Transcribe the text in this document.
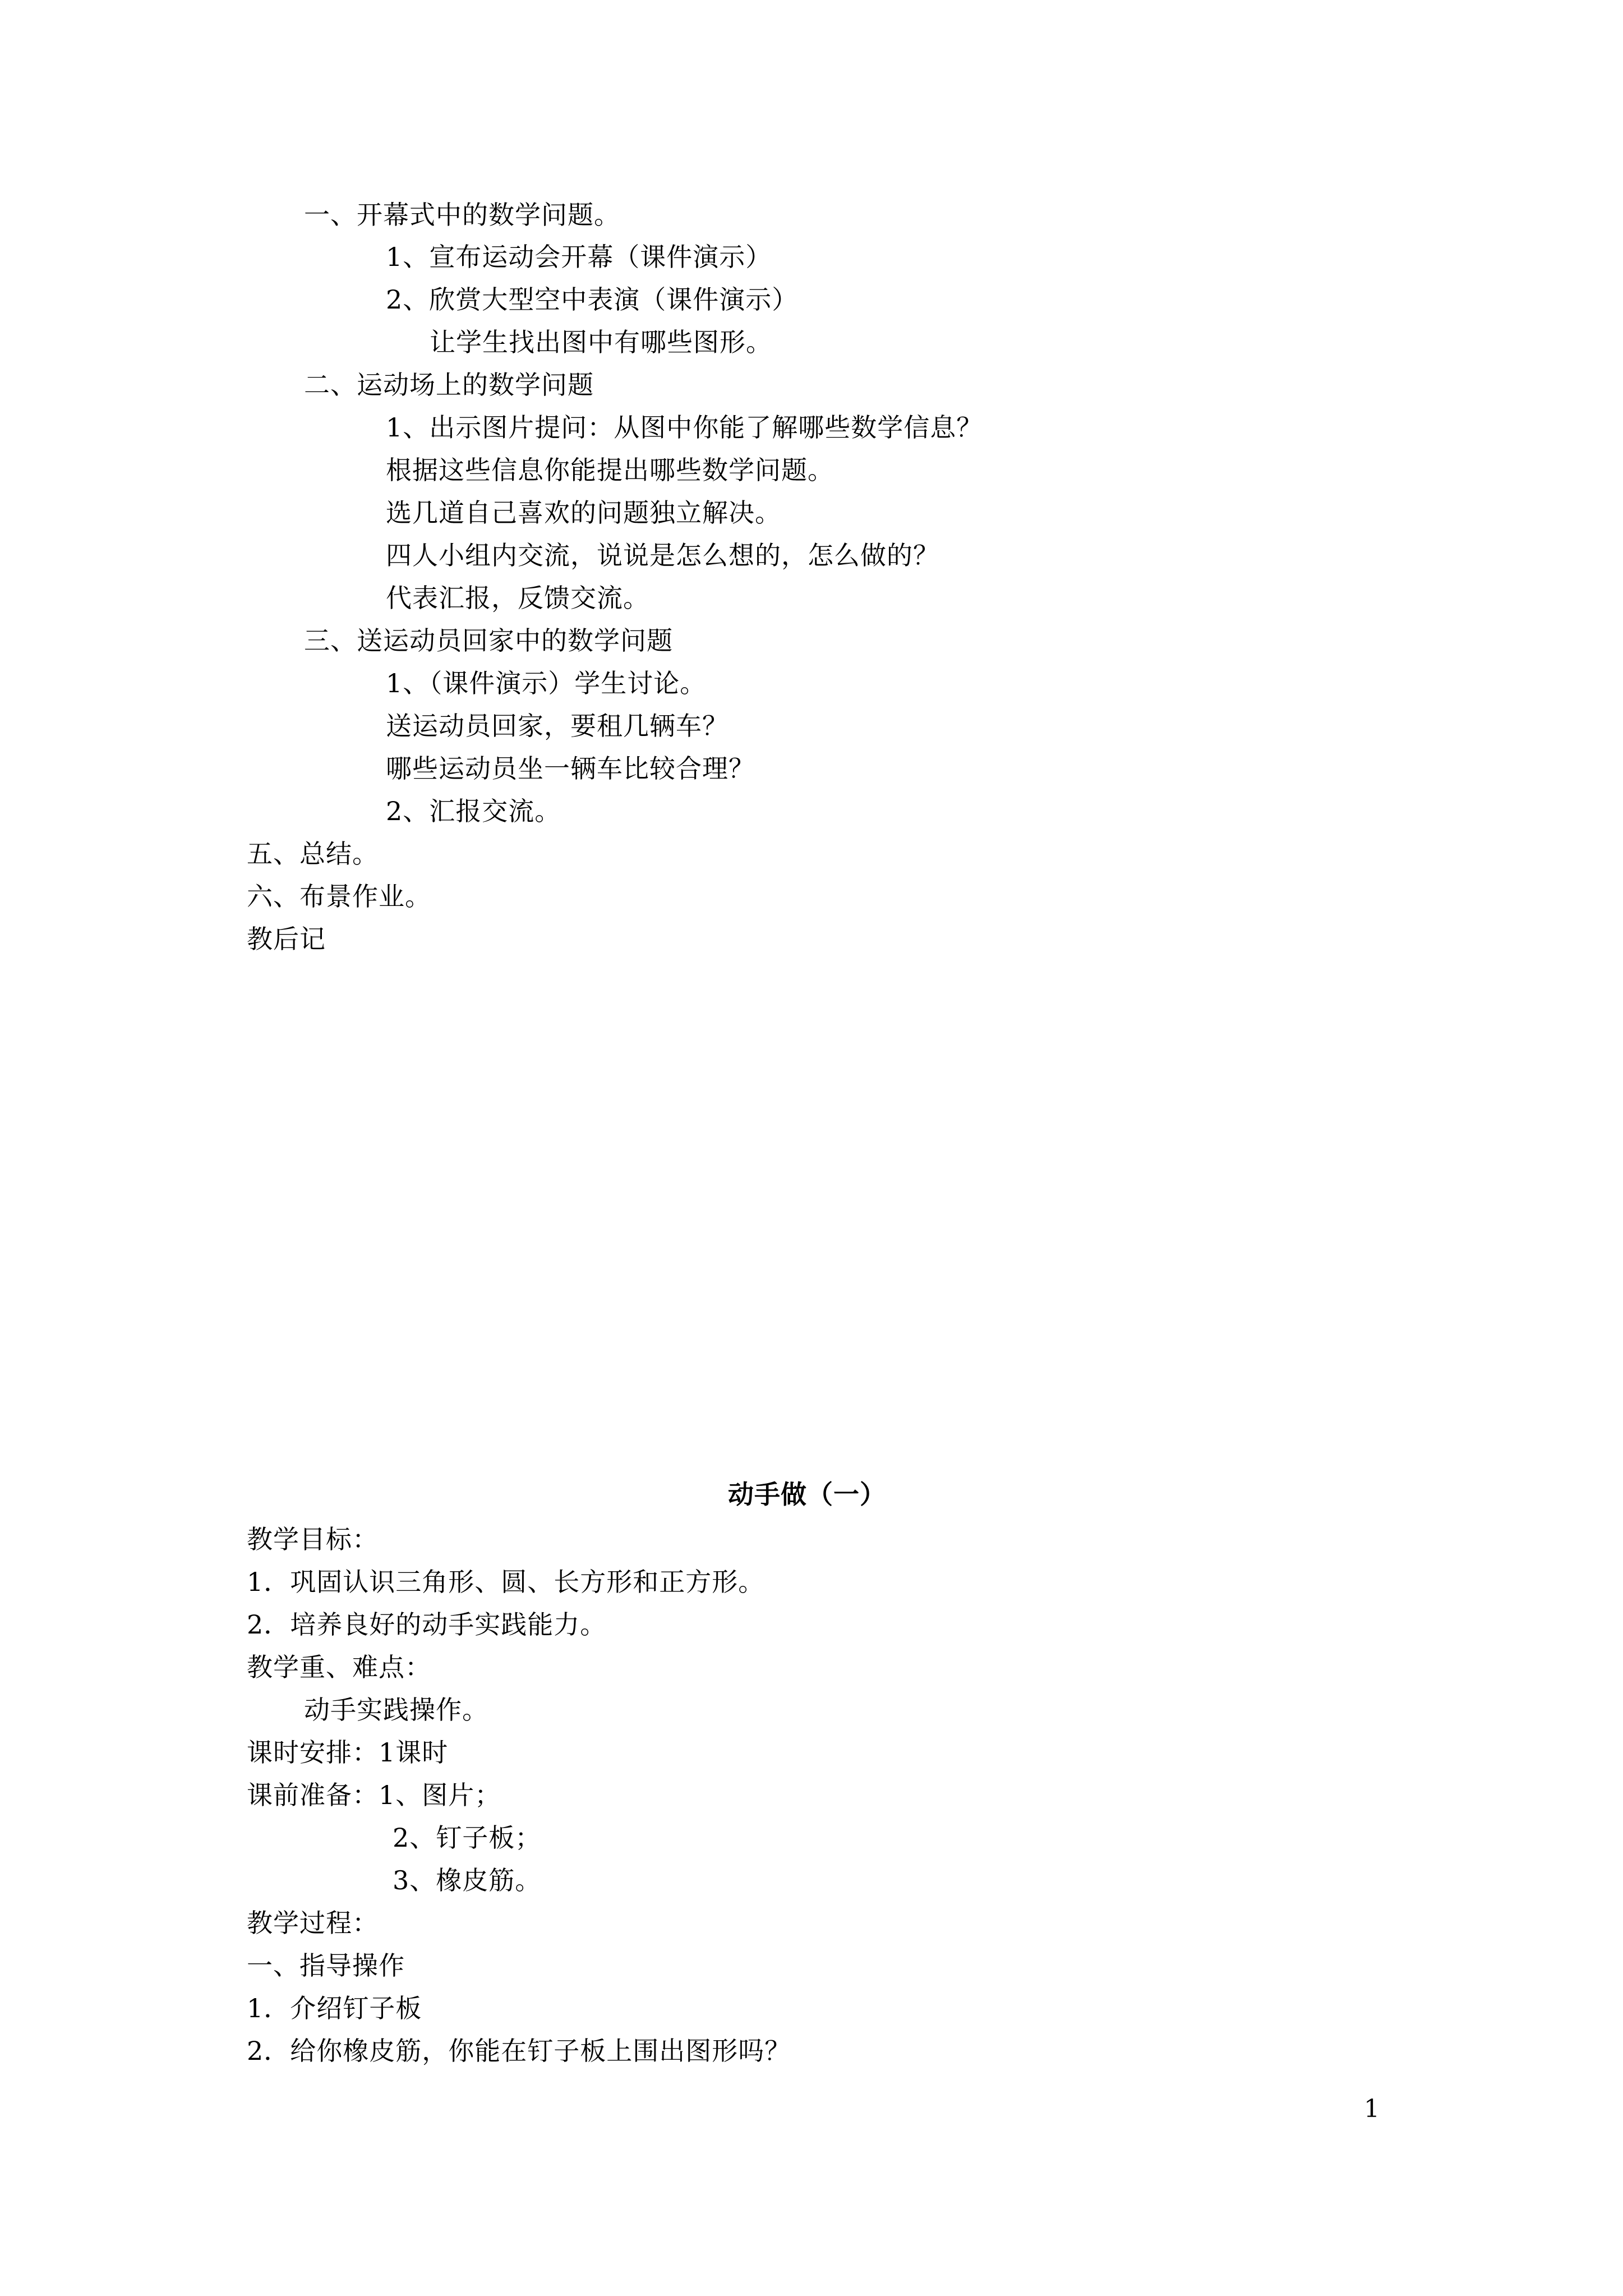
一、开幕式中的数学问题。
1、宣布运动会开幕（课件演示）
2、欣赏大型空中表演（课件演示）
让学生找出图中有哪些图形。
二、运动场上的数学问题
1、出示图片提问：从图中你能了解哪些数学信息？
根据这些信息你能提出哪些数学问题。
选几道自己喜欢的问题独立解决。
四人小组内交流，说说是怎么想的，怎么做的？
代表汇报，反馈交流。
三、送运动员回家中的数学问题
1、（课件演示）学生讨论。
送运动员回家，要租几辆车？
哪些运动员坐一辆车比较合理？
2、汇报交流。
五、总结。
六、布景作业。
教后记
动手做（一）
教学目标：
1．巩固认识三角形、圆、长方形和正方形。
2．培养良好的动手实践能力。
教学重、难点：
动手实践操作。
课时安排：1课时
课前准备：1、图片；
2、钉子板；
3、橡皮筋。
教学过程：
一、指导操作
1．介绍钉子板
2．给你橡皮筋，你能在钉子板上围出图形吗？
1
